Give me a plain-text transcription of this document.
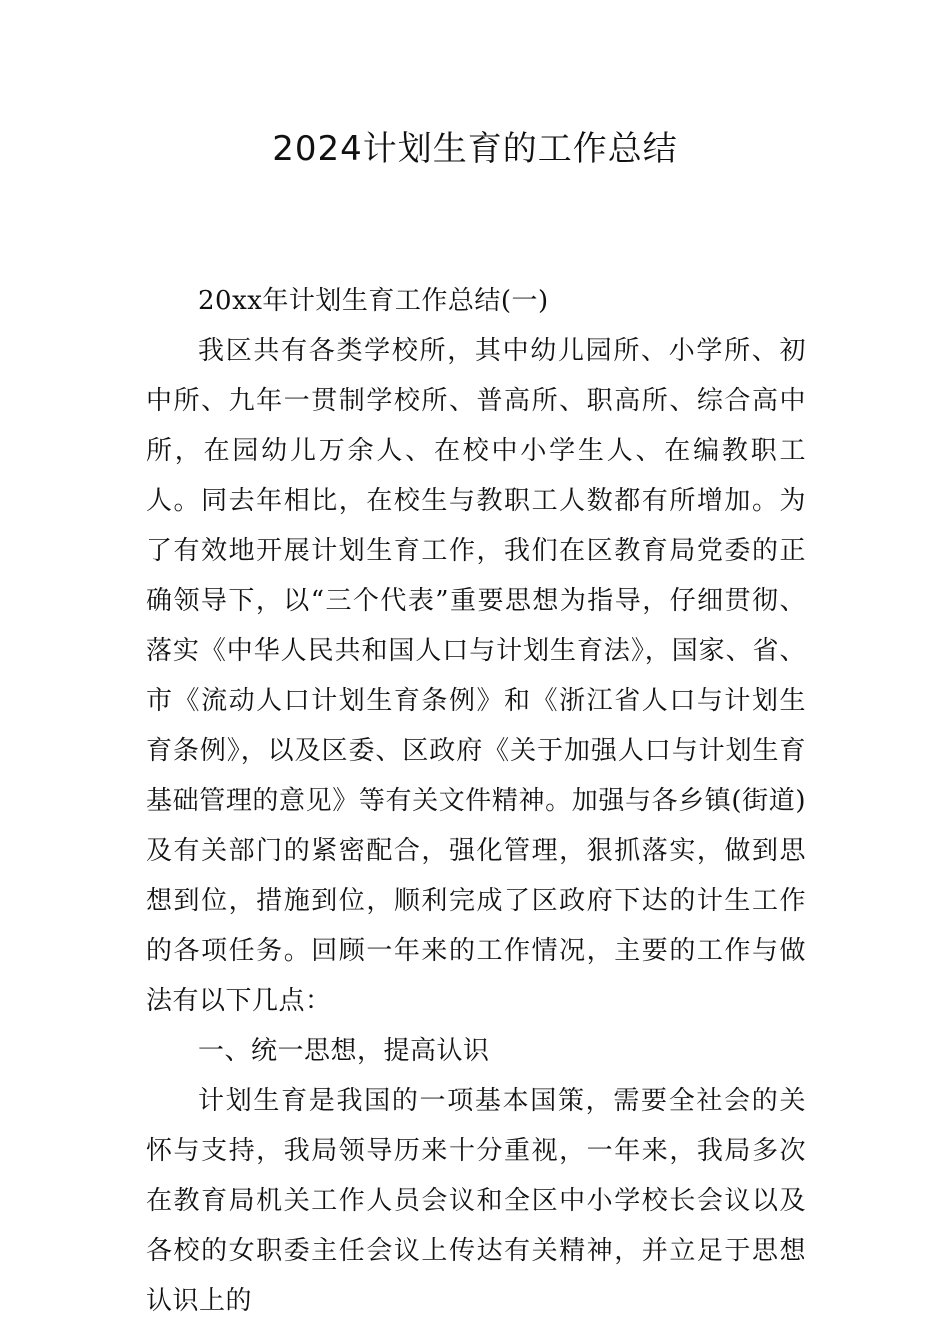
2024计划生育的工作总结

20xx年计划生育工作总结(一)

我区共有各类学校所，其中幼儿园所、小学所、初中所、九年一贯制学校所、普高所、职高所、综合高中所，在园幼儿万余人、在校中小学生人、在编教职工人。同去年相比，在校生与教职工人数都有所增加。为了有效地开展计划生育工作，我们在区教育局党委的正确领导下，以“三个代表”重要思想为指导，仔细贯彻、落实《中华人民共和国人口与计划生育法》，国家、省、市《流动人口计划生育条例》和《浙江省人口与计划生育条例》，以及区委、区政府《关于加强人口与计划生育基础管理的意见》等有关文件精神。加强与各乡镇(街道)及有关部门的紧密配合，强化管理，狠抓落实，做到思想到位，措施到位，顺利完成了区政府下达的计生工作的各项任务。回顾一年来的工作情况，主要的工作与做法有以下几点：

一、统一思想，提高认识

计划生育是我国的一项基本国策，需要全社会的关怀与支持，我局领导历来十分重视，一年来，我局多次在教育局机关工作人员会议和全区中小学校长会议以及各校的女职委主任会议上传达有关精神，并立足于思想认识上的
